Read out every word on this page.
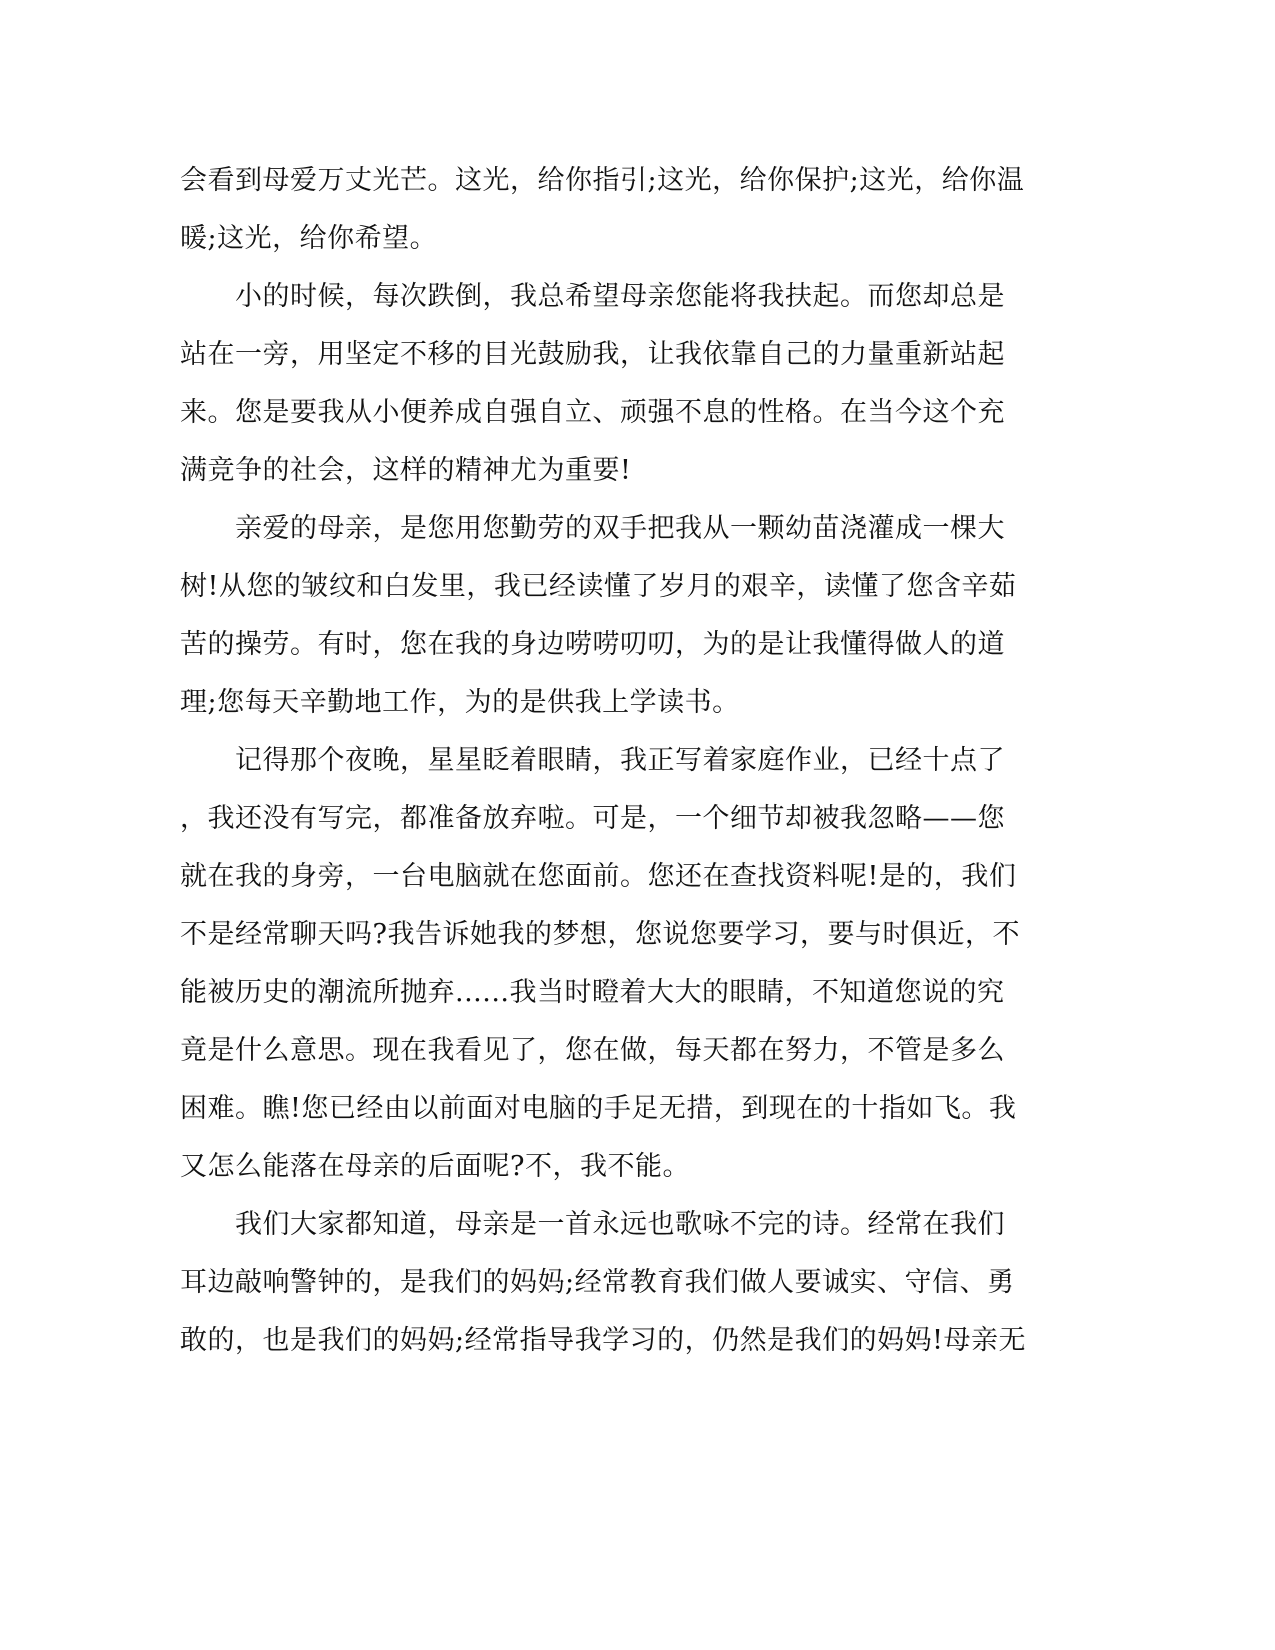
会看到母爱万丈光芒。这光，给你指引;这光，给你保护;这光，给你温
暖;这光，给你希望。
　　小的时候，每次跌倒，我总希望母亲您能将我扶起。而您却总是
站在一旁，用坚定不移的目光鼓励我，让我依靠自己的力量重新站起
来。您是要我从小便养成自强自立、顽强不息的性格。在当今这个充
满竞争的社会，这样的精神尤为重要!
　　亲爱的母亲，是您用您勤劳的双手把我从一颗幼苗浇灌成一棵大
树!从您的皱纹和白发里，我已经读懂了岁月的艰辛，读懂了您含辛茹
苦的操劳。有时，您在我的身边唠唠叨叨，为的是让我懂得做人的道
理;您每天辛勤地工作，为的是供我上学读书。
　　记得那个夜晚，星星眨着眼睛，我正写着家庭作业，已经十点了
，我还没有写完，都准备放弃啦。可是，一个细节却被我忽略——您
就在我的身旁，一台电脑就在您面前。您还在查找资料呢!是的，我们
不是经常聊天吗?我告诉她我的梦想，您说您要学习，要与时俱近，不
能被历史的潮流所抛弃......我当时瞪着大大的眼睛，不知道您说的究
竟是什么意思。现在我看见了，您在做，每天都在努力，不管是多么
困难。瞧!您已经由以前面对电脑的手足无措，到现在的十指如飞。我
又怎么能落在母亲的后面呢?不，我不能。
　　我们大家都知道，母亲是一首永远也歌咏不完的诗。经常在我们
耳边敲响警钟的，是我们的妈妈;经常教育我们做人要诚实、守信、勇
敢的，也是我们的妈妈;经常指导我学习的，仍然是我们的妈妈!母亲无
